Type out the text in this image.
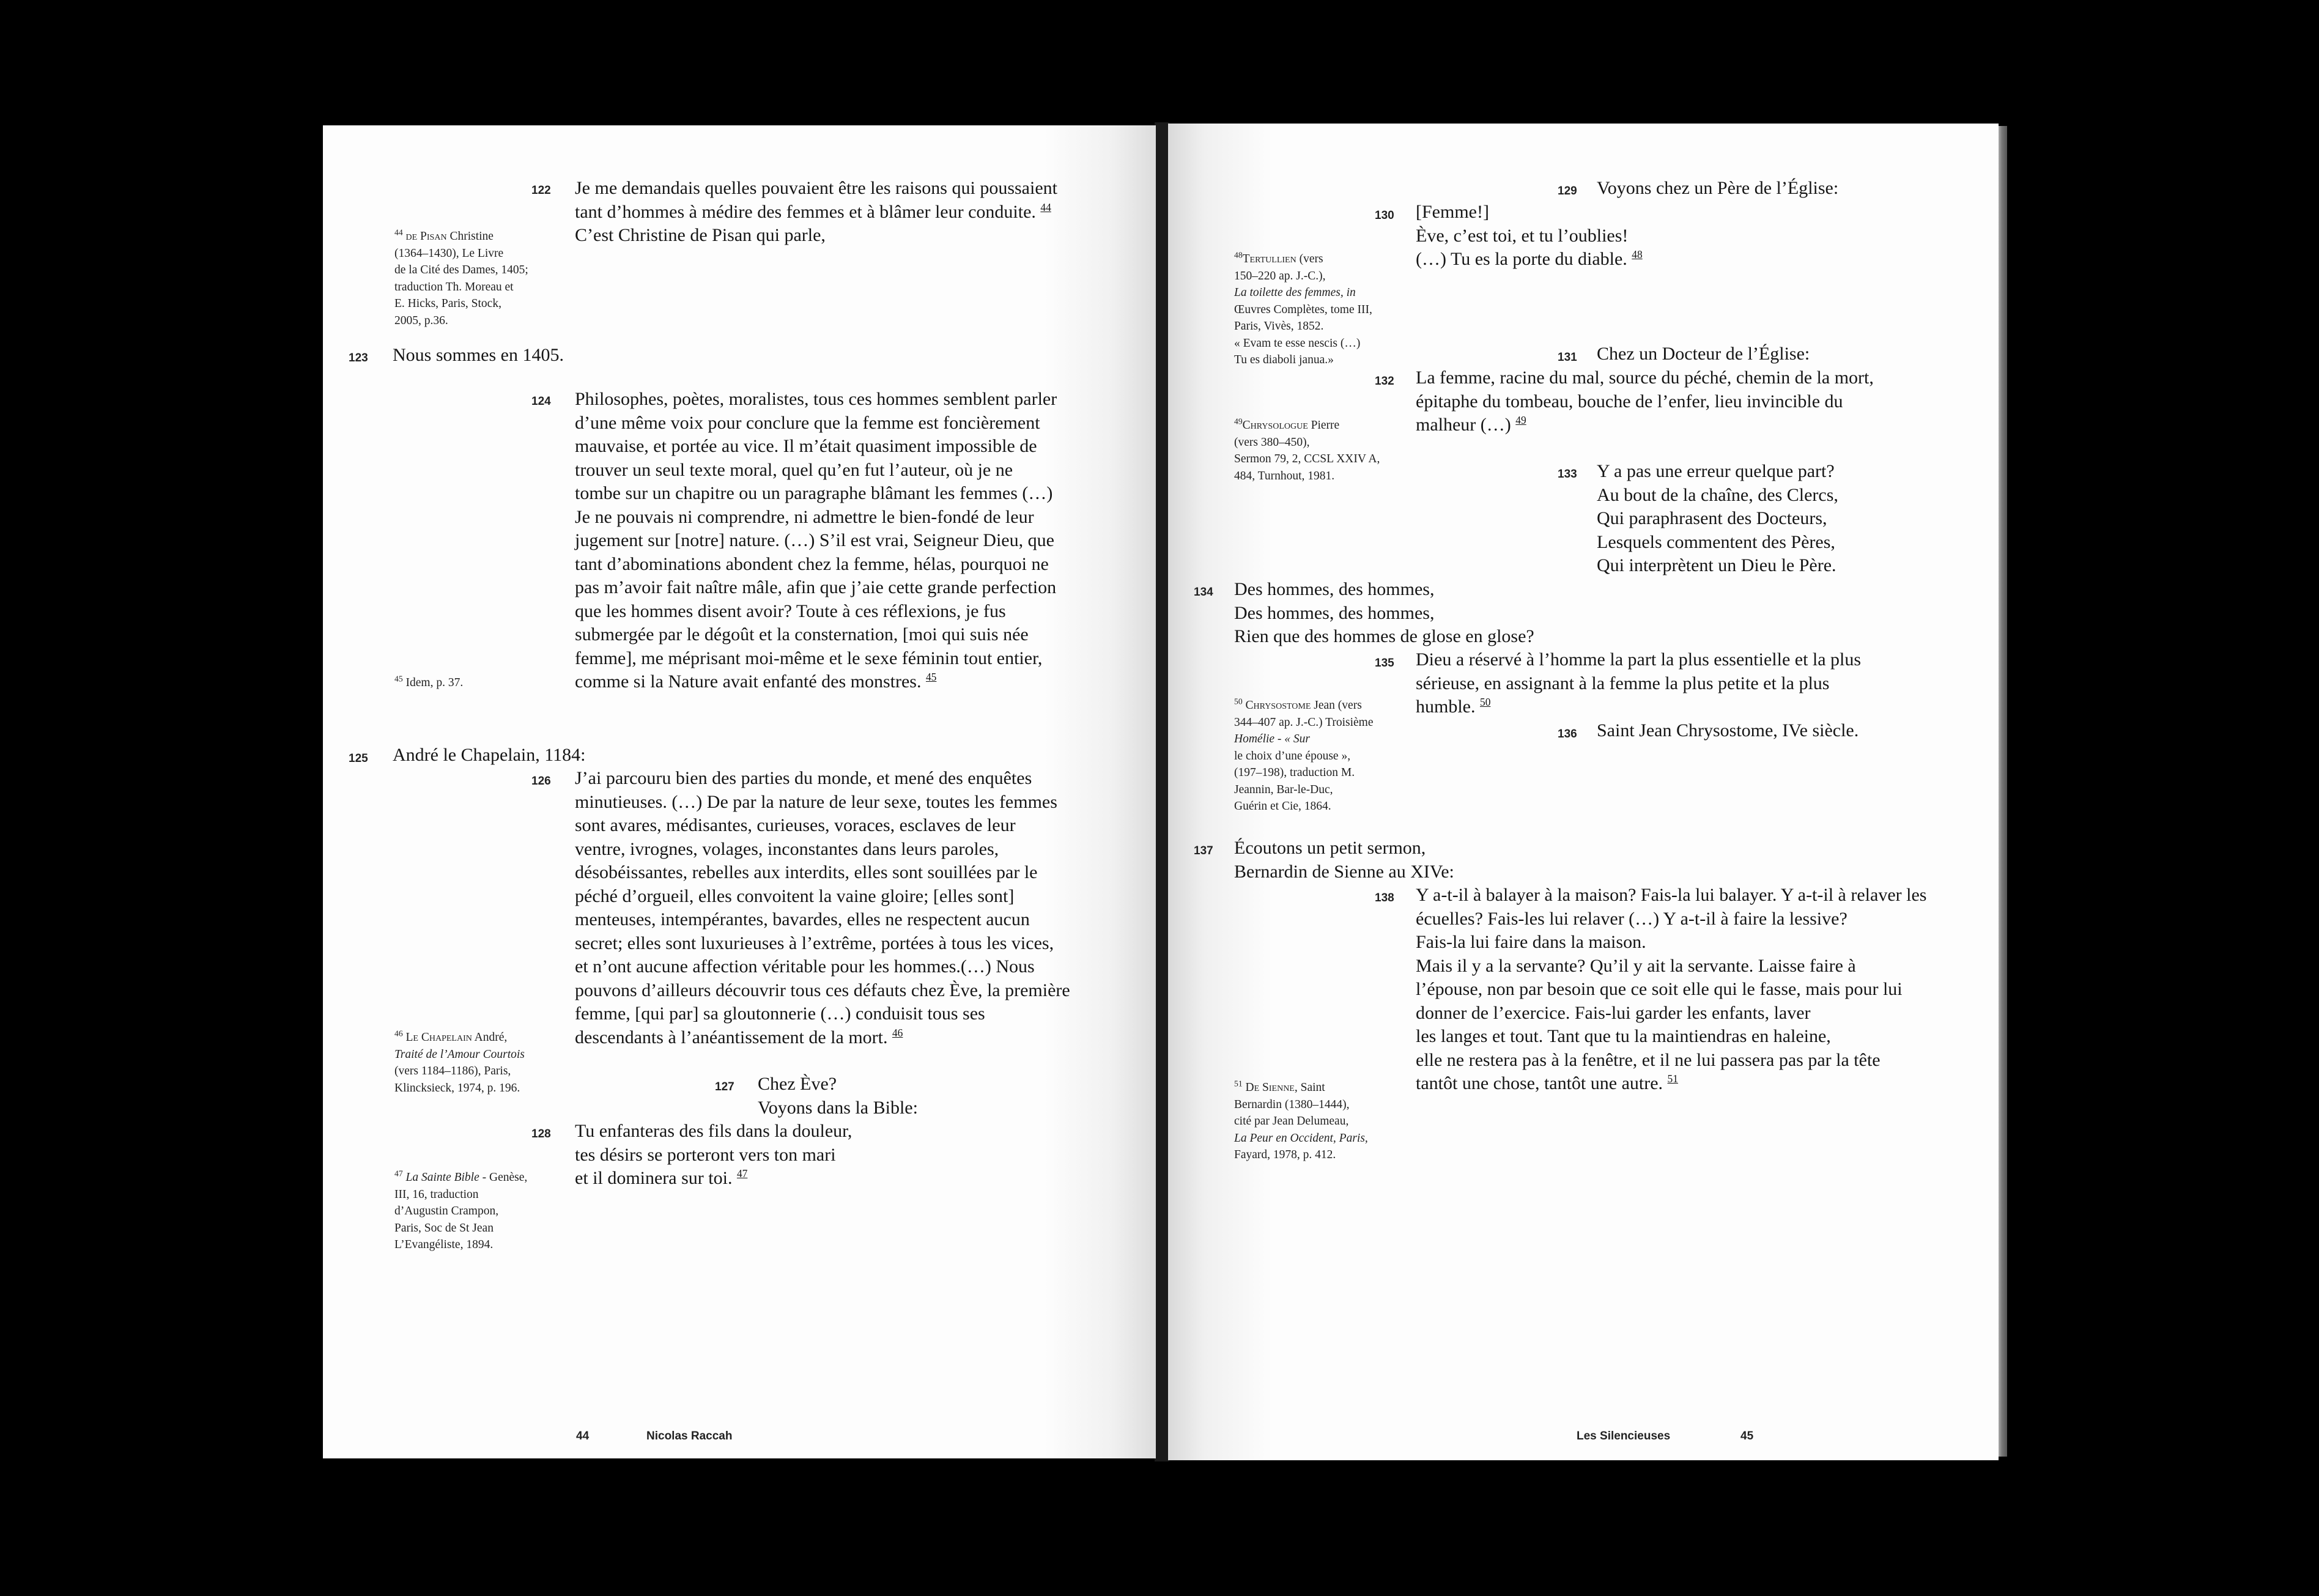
122 Je me demandais quelles pouvaient être les raisons qui poussaient
tant d’hommes à médire des femmes et à blâmer leur conduite. $^{44}$
C’est Christine de Pisan qui parle,
$^{44}$ de Pisan Christine
(1364–1430), Le Livre
de la Cité des Dames, 1405;
traduction Th. Moreau et
E. Hicks, Paris, Stock,
2005, p.36.
123 Nous sommes en 1405.
124 Philosophes, poètes, moralistes, tous ces hommes semblent parler
d’une même voix pour conclure que la femme est foncièrement
mauvaise, et portée au vice. Il m’était quasiment impossible de
trouver un seul texte moral, quel qu’en fut l’auteur, où je ne
tombe sur un chapitre ou un paragraphe blâmant les femmes (…)
Je ne pouvais ni comprendre, ni admettre le bien-fondé de leur
jugement sur [notre] nature. (…) S’il est vrai, Seigneur Dieu, que
tant d’abominations abondent chez la femme, hélas, pourquoi ne
pas m’avoir fait naître mâle, afin que j’aie cette grande perfection
que les hommes disent avoir? Toute à ces réflexions, je fus
submergée par le dégoût et la consternation, [moi qui suis née
femme], me méprisant moi-même et le sexe féminin tout entier,
comme si la Nature avait enfanté des monstres. $^{45}$
$^{45}$ Idem, p. 37.
125 André le Chapelain, 1184:
126 J’ai parcouru bien des parties du monde, et mené des enquêtes
minutieuses. (…) De par la nature de leur sexe, toutes les femmes
sont avares, médisantes, curieuses, voraces, esclaves de leur
ventre, ivrognes, volages, inconstantes dans leurs paroles,
désobéissantes, rebelles aux interdits, elles sont souillées par le
péché d’orgueil, elles convoitent la vaine gloire; [elles sont]
menteuses, intempérantes, bavardes, elles ne respectent aucun
secret; elles sont luxurieuses à l’extrême, portées à tous les vices,
et n’ont aucune affection véritable pour les hommes.(…) Nous
pouvons d’ailleurs découvrir tous ces défauts chez Ève, la première
femme, [qui par] sa gloutonnerie (…) conduisit tous ses
descendants à l’anéantissement de la mort. $^{46}$
$^{46}$ Le Chapelain André,
Traité de l’Amour Courtois
(vers 1184–1186), Paris,
Klincksieck, 1974, p. 196.	127 Chez Ève?
Voyons dans la Bible:
128 Tu enfanteras des fils dans la douleur,
tes désirs se porteront vers ton mari
et il dominera sur toi. $^{47}$
$^{47}$ La Sainte Bible - Genèse,
III, 16, traduction
d’Augustin Crampon,
Paris, Soc de St Jean
L’Evangéliste, 1894.
44	Nicolas Raccah
129 Voyons chez un Père de l’Église:
130 [Femme!]
Ève, c’est toi, et tu l’oublies!
(…) Tu es la porte du diable. $^{48}$
$^{48}$Tertullien (vers
150–220 ap. J.-C.),
La toilette des femmes, in
Œuvres Complètes, tome III,
Paris, Vivès, 1852.
« Evam te esse nescis (…)
Tu es diaboli janua.»	131 Chez un Docteur de l’Église:
132 La femme, racine du mal, source du péché, chemin de la mort,
épitaphe du tombeau, bouche de l’enfer, lieu invincible du
malheur (…) $^{49}$
$^{49}$Chrysologue Pierre
(vers 380–450),
Sermon 79, 2, CCSL XXIV A,
484, Turnhout, 1981.	133 Y a pas une erreur quelque part?
Au bout de la chaîne, des Clercs,
Qui paraphrasent des Docteurs,
Lesquels commentent des Pères,
Qui interprètent un Dieu le Père.
134 Des hommes, des hommes,
Des hommes, des hommes,
Rien que des hommes de glose en glose?
135 Dieu a réservé à l’homme la part la plus essentielle et la plus
sérieuse, en assignant à la femme la plus petite et la plus
humble. $^{50}$
136 Saint Jean Chrysostome, IVe siècle.
$^{50}$ Chrysostome Jean (vers
344–407 ap. J.-C.) Troisième
Homélie - « Sur
le choix d’une épouse »,
(197–198), traduction M.
Jeannin, Bar-le-Duc,
Guérin et Cie, 1864.
137 Écoutons un petit sermon,
Bernardin de Sienne au XIVe:
138 Y a-t-il à balayer à la maison? Fais-la lui balayer. Y a-t-il à relaver les
écuelles? Fais-les lui relaver (…) Y a-t-il à faire la lessive?
Fais-la lui faire dans la maison.
Mais il y a la servante? Qu’il y ait la servante. Laisse faire à
l’épouse, non par besoin que ce soit elle qui le fasse, mais pour lui
donner de l’exercice. Fais-lui garder les enfants, laver
les langes et tout. Tant que tu la maintiendras en haleine,
elle ne restera pas à la fenêtre, et il ne lui passera pas par la tête
tantôt une chose, tantôt une autre. $^{51}$
$^{51}$ De Sienne, Saint
Bernardin (1380–1444),
cité par Jean Delumeau,
La Peur en Occident, Paris,
Fayard, 1978, p. 412.
Les Silencieuses	45
